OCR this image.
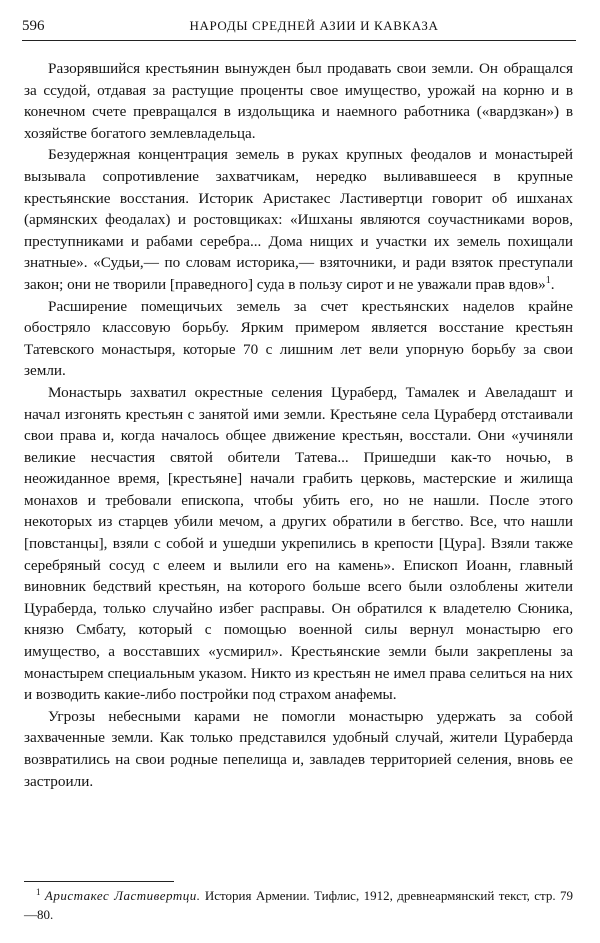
596	НАРОДЫ СРЕДНЕЙ АЗИИ И КАВКАЗА

Разорявшийся крестьянин вынужден был продавать свои земли. Он обращался за ссудой, отдавая за растущие проценты свое имущество, урожай на корню и в конечном счете превращался в издольщика и наемного работника («вардзкан») в хозяйстве богатого землевладельца.

Безудержная концентрация земель в руках крупных феодалов и монастырей вызывала сопротивление захватчикам, нередко выливавшееся в крупные крестьянские восстания. Историк Аристакес Ластивертци говорит об ишханах (армянских феодалах) и ростовщиках: «Ишханы являются соучастниками воров, преступниками и рабами серебра... Дома нищих и участки их земель похищали знатные». «Судьи,— по словам историка,— взяточники, и ради взяток преступали закон; они не творили [праведного] суда в пользу сирот и не уважали прав вдов»$^1$.

Расширение помещичьих земель за счет крестьянских наделов крайне обостряло классовую борьбу. Ярким примером является восстание крестьян Татевского монастыря, которые 70 с лишним лет вели упорную борьбу за свои земли.

Монастырь захватил окрестные селения Цураберд, Тамалек и Авеладашт и начал изгонять крестьян с занятой ими земли. Крестьяне села Цураберд отстаивали свои права и, когда началось общее движение крестьян, восстали. Они «учиняли великие несчастия святой обители Татева... Пришедши как-то ночью, в неожиданное время, [крестьяне] начали грабить церковь, мастерские и жилища монахов и требовали епископа, чтобы убить его, но не нашли. После этого некоторых из старцев убили мечом, а других обратили в бегство. Все, что нашли [повстанцы], взяли с собой и ушедши укрепились в крепости [Цура]. Взяли также серебряный сосуд с елеем и вылили его на камень». Епископ Иоанн, главный виновник бедствий крестьян, на которого больше всего были озлоблены жители Цураберда, только случайно избег расправы. Он обратился к владетелю Сюника, князю Смбату, который с помощью военной силы вернул монастырю его имущество, а восставших «усмирил». Крестьянские земли были закреплены за монастырем специальным указом. Никто из крестьян не имел права селиться на них и возводить какие-либо постройки под страхом анафемы.

Угрозы небесными карами не помогли монастырю удержать за собой захваченные земли. Как только представился удобный случай, жители Цураберда возвратились на свои родные пепелища и, завладев территорией селения, вновь ее застроили.

$^1$ Аристакес Ластивертци. История Армении. Тифлис, 1912, древнеармянский текст, стр. 79—80.
